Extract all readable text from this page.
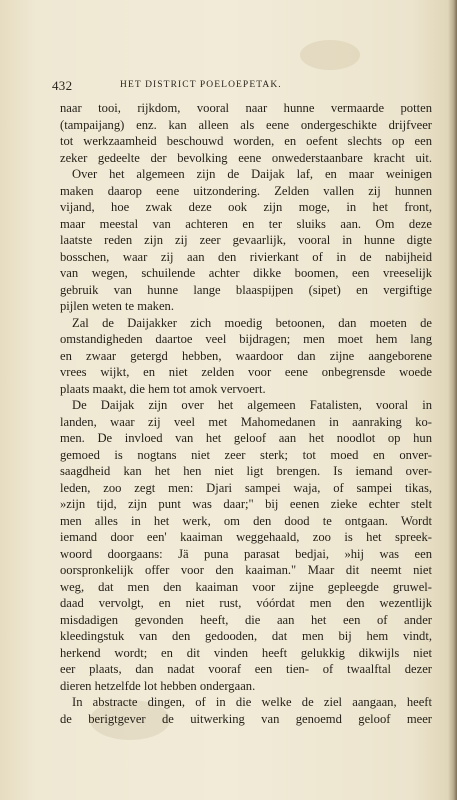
432	HET DISTRICT POELOEPETAK.
naar tooi, rijkdom, vooral naar hunne vermaarde potten
(tampaijang) enz. kan alleen als eene ondergeschikte drijfveer
tot werkzaamheid beschouwd worden, en oefent slechts op een
zeker gedeelte der bevolking eene onwederstaanbare kracht uit.
Over het algemeen zijn de Daijak laf, en maar weinigen
maken daarop eene uitzondering. Zelden vallen zij hunnen
vijand, hoe zwak deze ook zijn moge, in het front,
maar meestal van achteren en ter sluiks aan. Om deze
laatste reden zijn zij zeer gevaarlijk, vooral in hunne digte
bosschen, waar zij aan den rivierkant of in de nabijheid
van wegen, schuilende achter dikke boomen, een vreeselijk
gebruik van hunne lange blaaspijpen (sipet) en vergiftige
pijlen weten te maken.
Zal de Daijakker zich moedig betoonen, dan moeten de
omstandigheden daartoe veel bijdragen; men moet hem lang
en zwaar getergd hebben, waardoor dan zijne aangeborene
vrees wijkt, en niet zelden voor eene onbegrensde woede
plaats maakt, die hem tot amok vervoert.
De Daijak zijn over het algemeen Fatalisten, vooral in
landen, waar zij veel met Mahomedanen in aanraking ko-
men. De invloed van het geloof aan het noodlot op hun
gemoed is nogtans niet zeer sterk; tot moed en onver-
saagdheid kan het hen niet ligt brengen. Is iemand over-
leden, zoo zegt men: Djari sampei waja, of sampei tikas,
»zijn tijd, zijn punt was daar;" bij eenen zieke echter stelt
men alles in het werk, om den dood te ontgaan. Wordt
iemand door een' kaaiman weggehaald, zoo is het spreek-
woord doorgaans: Jä puna parasat bedjai, »hij was een
oorspronkelijk offer voor den kaaiman." Maar dit neemt niet
weg, dat men den kaaiman voor zijne gepleegde gruwel-
daad vervolgt, en niet rust, vóórdat men den wezentlijk
misdadigen gevonden heeft, die aan het een of ander
kleedingstuk van den gedooden, dat men bij hem vindt,
herkend wordt; en dit vinden heeft gelukkig dikwijls niet
eer plaats, dan nadat vooraf een tien- of twaalftal dezer
dieren hetzelfde lot hebben ondergaan.
In abstracte dingen, of in die welke de ziel aangaan, heeft
de berigtgever de uitwerking van genoemd geloof meer
